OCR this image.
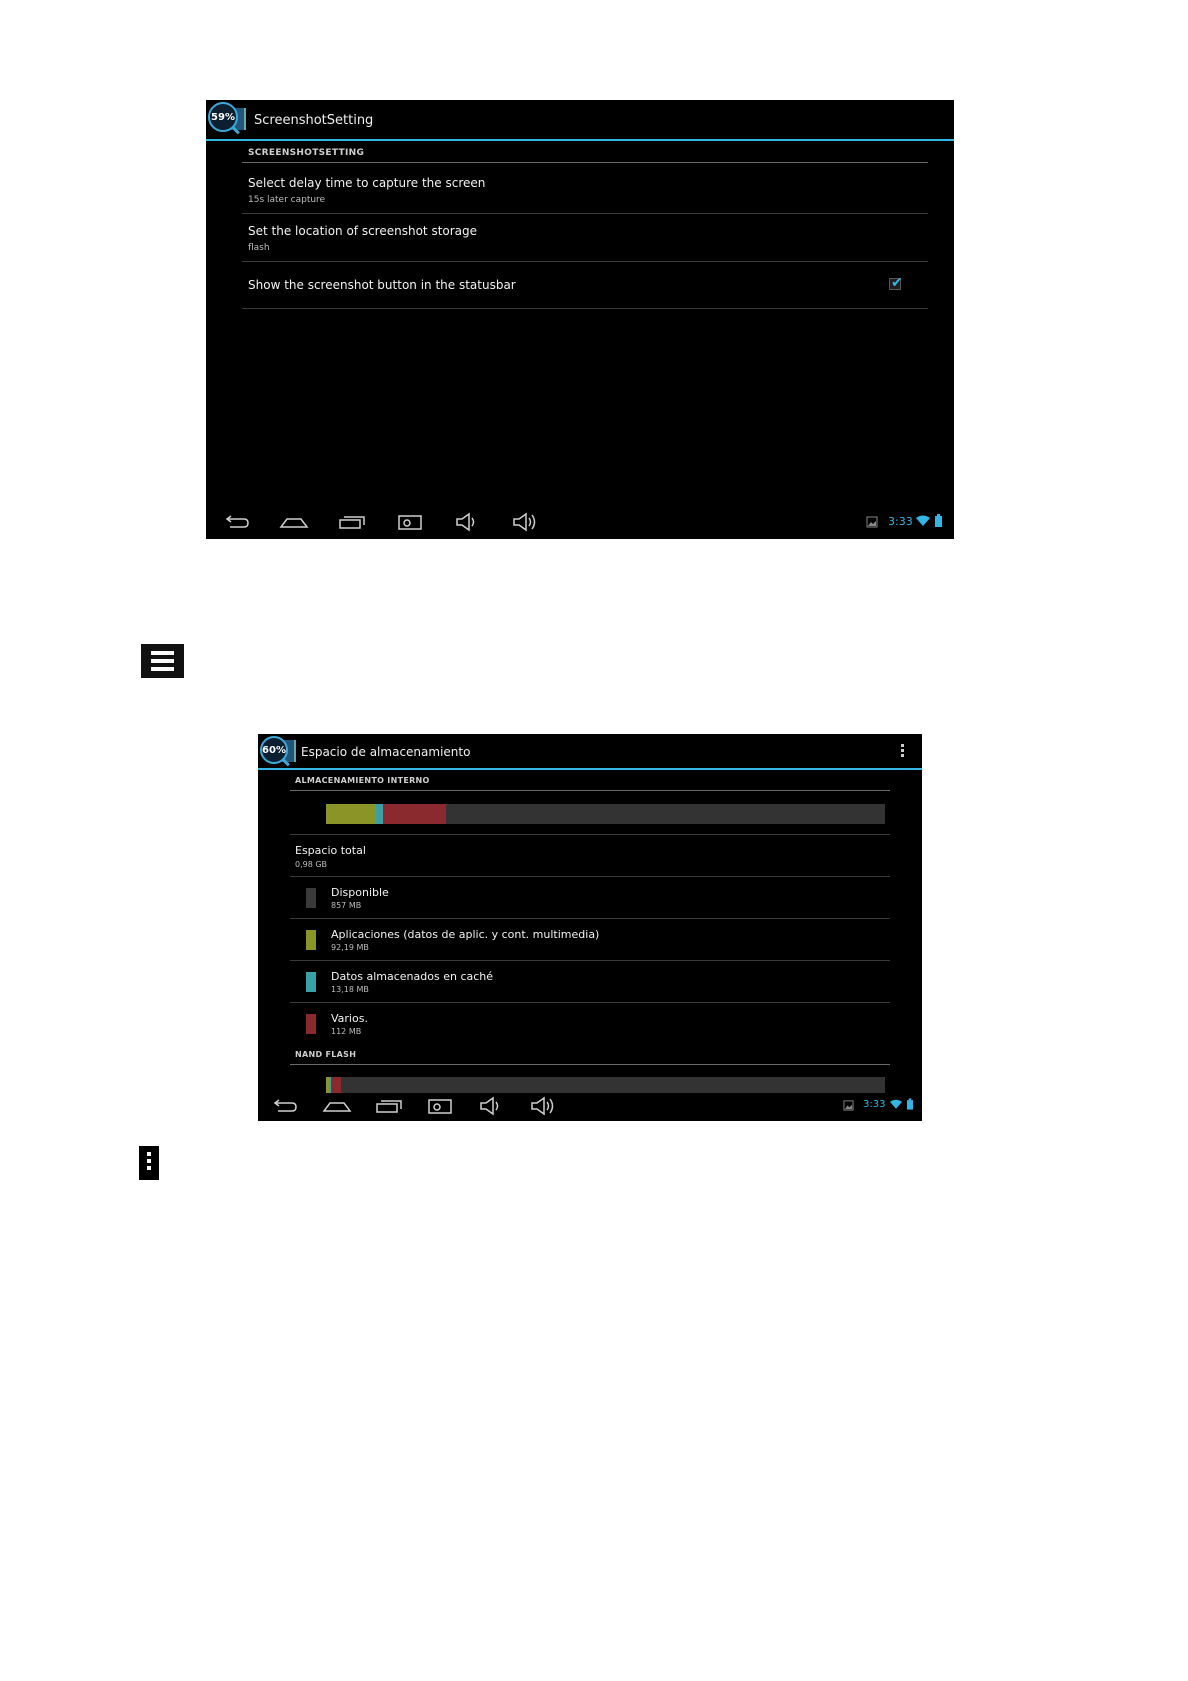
59% ScreenshotSetting
SCREENSHOTSETTING
Select delay time to capture the screen
15s later capture
Set the location of screenshot storage
flash
Show the screenshot button in the statusbar	✔
3:33
60% Espacio de almacenamiento
ALMACENAMIENTO INTERNO
Espacio total
0,98 GB
Disponible
857 MB
Aplicaciones (datos de aplic. y cont. multimedia)
92,19 MB
Datos almacenados en caché
13,18 MB
Varios.
112 MB
NAND FLASH
3:33
